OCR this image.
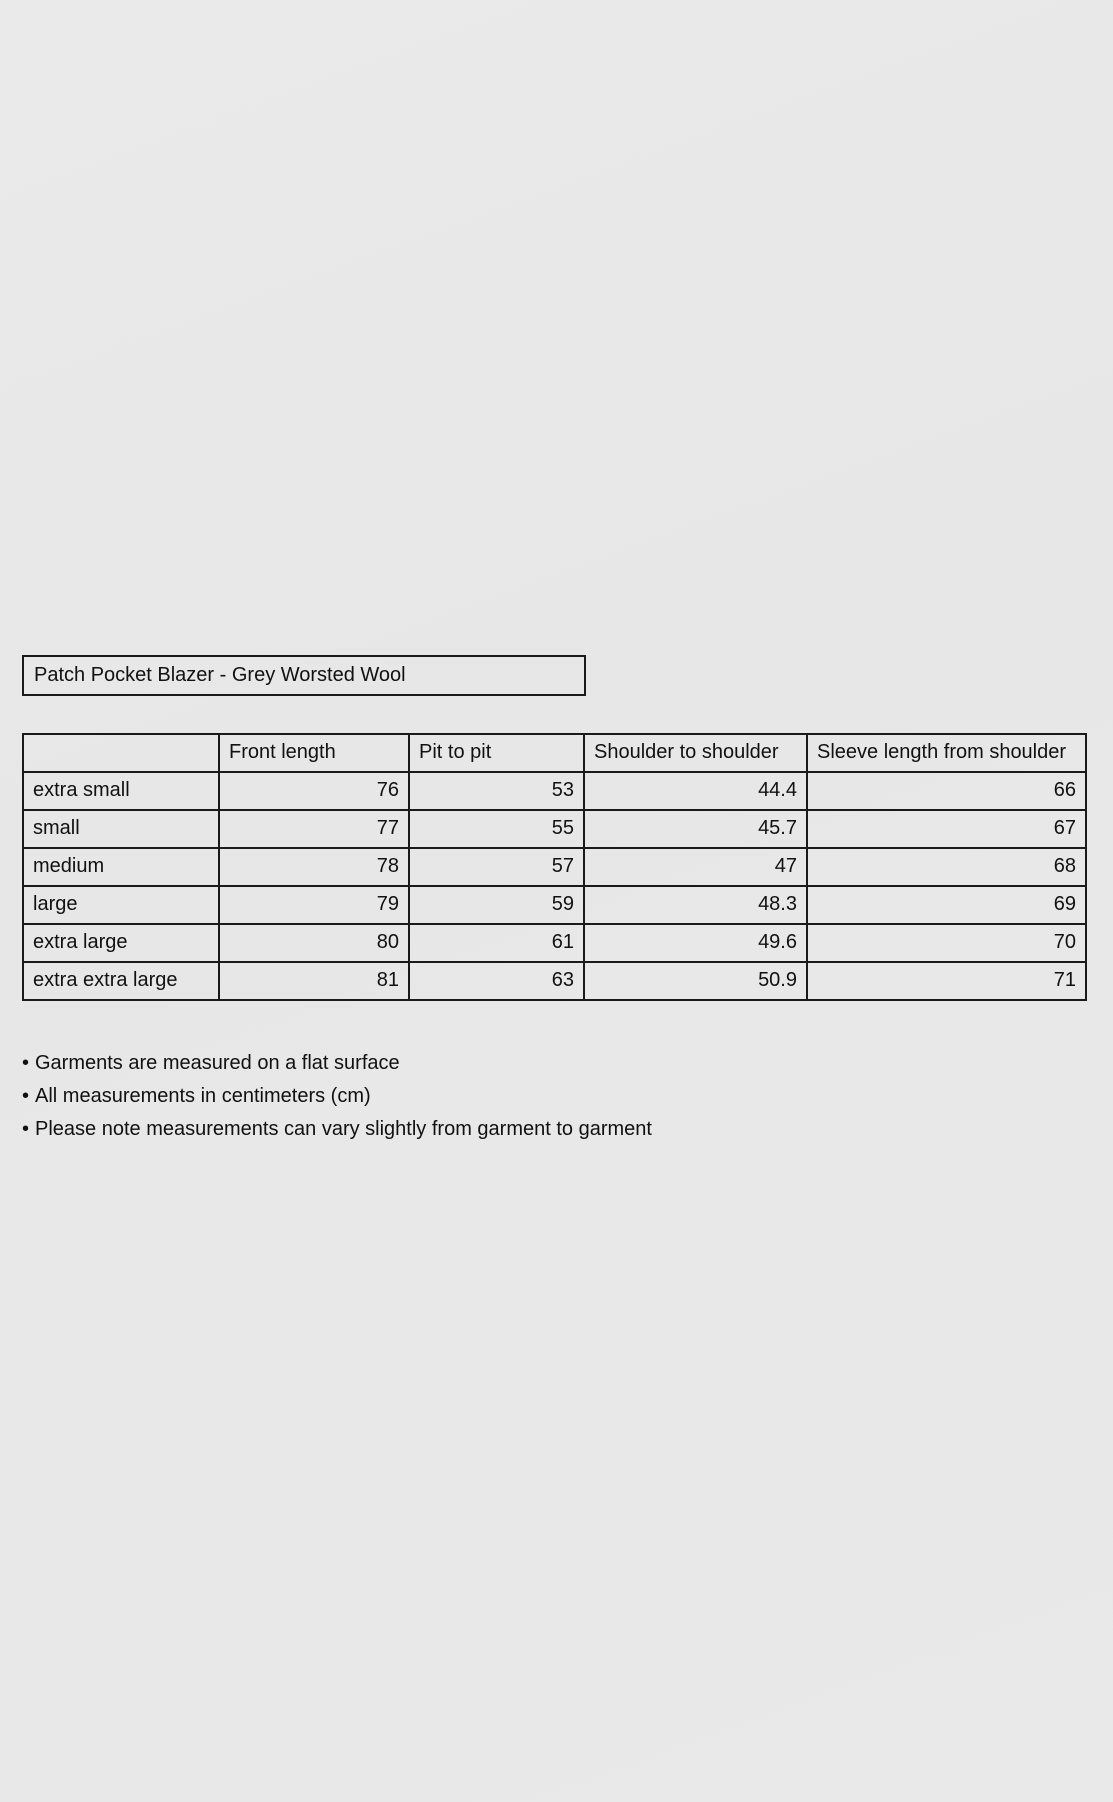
Patch Pocket Blazer - Grey Worsted Wool
	Front length	Pit to pit	Shoulder to shoulder	Sleeve length from shoulder
extra small	76	53	44.4	66
small	77	55	45.7	67
medium	78	57	47	68
large	79	59	48.3	69
extra large	80	61	49.6	70
extra extra large	81	63	50.9	71
• Garments are measured on a flat surface
• All measurements in centimeters (cm)
• Please note measurements can vary slightly from garment to garment
